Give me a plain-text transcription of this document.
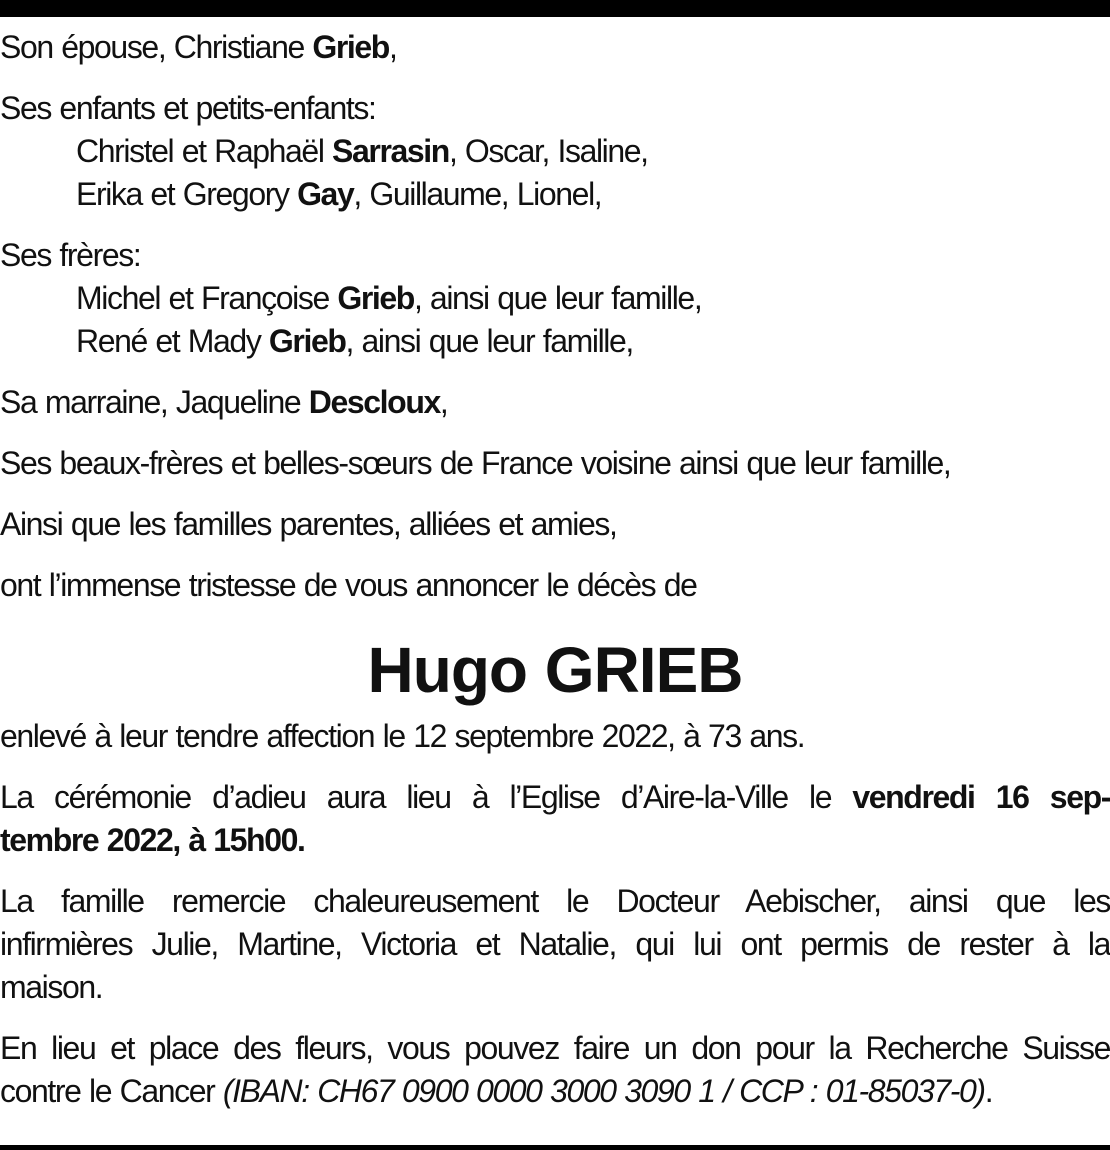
Son épouse, Christiane Grieb,

Ses enfants et petits-enfants:

Christel et Raphaël Sarrasin, Oscar, Isaline,

Erika et Gregory Gay, Guillaume, Lionel,

Ses frères:

Michel et Françoise Grieb, ainsi que leur famille,

René et Mady Grieb, ainsi que leur famille,

Sa marraine, Jaqueline Descloux,

Ses beaux-frères et belles-sœurs de France voisine ainsi que leur famille,

Ainsi que les familles parentes, alliées et amies,

ont l’immense tristesse de vous annoncer le décès de

Hugo GRIEB

enlevé à leur tendre affection le 12 septembre 2022, à 73 ans.

La cérémonie d’adieu aura lieu à l’Eglise d’Aire-la-Ville le vendredi 16 sep-
tembre 2022, à 15h00.

La famille remercie chaleureusement le Docteur Aebischer, ainsi que les
infirmières Julie, Martine, Victoria et Natalie, qui lui ont permis de rester à la
maison.

En lieu et place des fleurs, vous pouvez faire un don pour la Recherche Suisse
contre le Cancer (IBAN: CH67 0900 0000 3000 3090 1 / CCP : 01-85037-0).
